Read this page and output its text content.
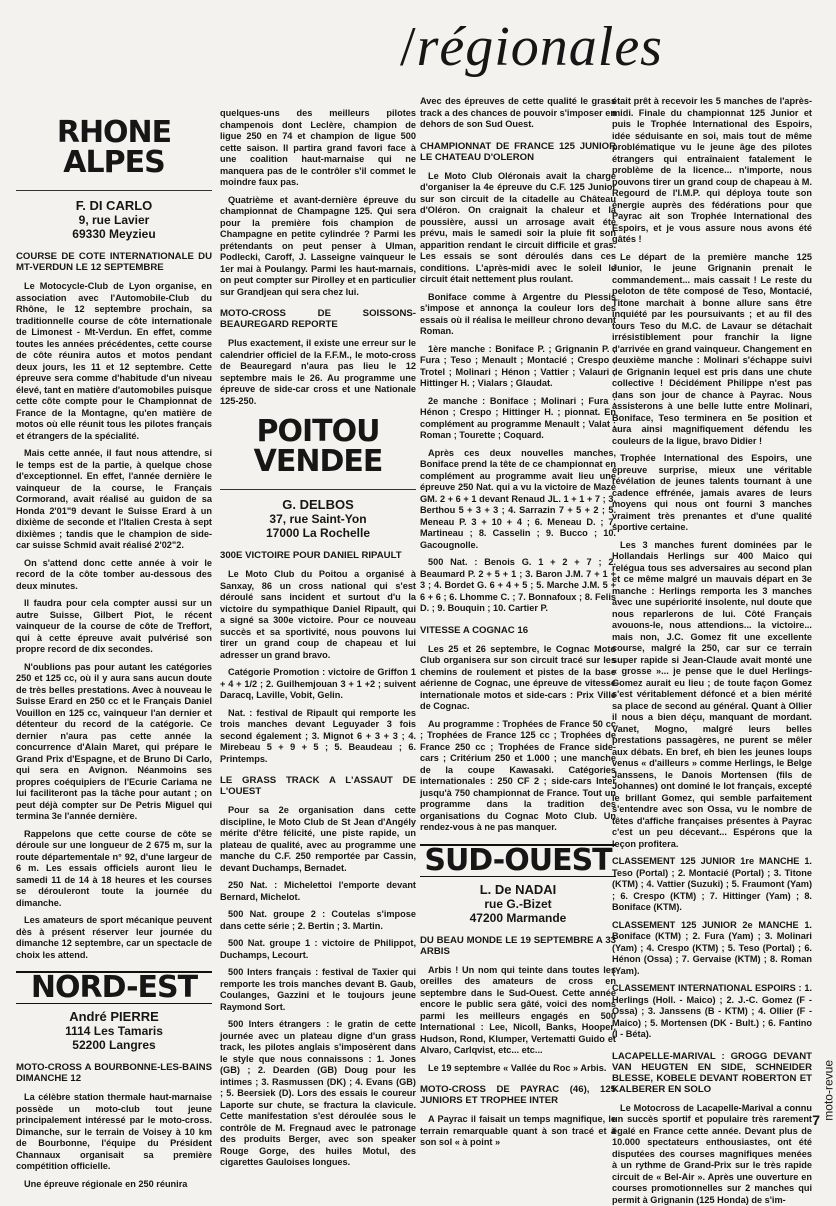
/régionales
RHONE ALPES
F. DI CARLO
9, rue Lavier
69330 Meyzieu
COURSE DE COTE INTERNATIONALE DU MT-VERDUN LE 12 SEPTEMBRE

Le Motocycle-Club de Lyon organise, en association avec l'Automobile-Club du Rhône, le 12 septembre prochain, sa traditionnelle course de côte internationale de Limonest - Mt-Verdun. En effet, comme toutes les années précédentes, cette course de côte réunira autos et motos pendant deux jours, les 11 et 12 septembre. Cette épreuve sera comme d'habitude d'un niveau élevé, tant en matière d'automobiles puisque cette côte compte pour le Championnat de France de la Montagne, qu'en matière de motos où elle réunit tous les pilotes français et étrangers de la spécialité.

Mais cette année, il faut nous attendre, si le temps est de la partie, à quelque chose d'exceptionnel. En effet, l'année dernière le vainqueur de la course, le Français Cormorand, avait réalisé au guidon de sa Honda 2'01"9 devant le Suisse Erard à un dixième de seconde et l'Italien Cresta à sept dixièmes ; tandis que le champion de side-car suisse Schmid avait réalisé 2'02"2.

On s'attend donc cette année à voir le record de la côte tomber au-dessous des deux minutes.

Il faudra pour cela compter aussi sur un autre Suisse, Gilbert Piot, le récent vainqueur de la course de côte de Treffort, qui à cette épreuve avait pulvérisé son propre record de dix secondes.

N'oublions pas pour autant les catégories 250 et 125 cc, où il y aura sans aucun doute de très belles prestations. Avec à nouveau le Suisse Erard en 250 cc et le Français Daniel Vouillon en 125 cc, vainqueur l'an dernier et détenteur du record de la catégorie. Ce dernier n'aura pas cette année la concurrence d'Alain Maret, qui prépare le Grand Prix d'Espagne, et de Bruno Di Carlo, qui sera en Avignon. Néanmoins ses propres coéquipiers de l'Ecurie Cariama ne lui faciliteront pas la tâche pour autant ; on peut déjà compter sur De Petris Miguel qui termina 3e l'année dernière.

Rappelons que cette course de côte se déroule sur une longueur de 2 675 m, sur la route départementale n° 92, d'une largeur de 6 m. Les essais officiels auront lieu le samedi 11 de 14 à 18 heures et les courses se dérouleront toute la journée du dimanche.

Les amateurs de sport mécanique peuvent dès à présent réserver leur journée du dimanche 12 septembre, car un spectacle de choix les attend.

NORD-EST
André PIERRE
1114 Les Tamaris
52200 Langres
MOTO-CROSS A BOURBONNE-LES-BAINS DIMANCHE 12

La célèbre station thermale haut-marnaise possède un moto-club tout jeune principalement intéressé par le moto-cross. Dimanche, sur le terrain de Voisey à 10 km de Bourbonne, l'équipe du Président Channaux organisait sa première compétition officielle.

Une épreuve régionale en 250 réunira

quelques-uns des meilleurs pilotes champenois dont Leclère, champion de ligue 250 en 74 et champion de ligue 500 cette saison. Il partira grand favori face à une coalition haut-marnaise qui ne manquera pas de le contrôler s'il commet le moindre faux pas.

Quatrième et avant-dernière épreuve du championnat de Champagne 125. Qui sera pour la première fois champion de Champagne en petite cylindrée ? Parmi les prétendants on peut penser à Ulman, Podlecki, Caroff, J. Lasseigne vainqueur le 1er mai à Poulangy. Parmi les haut-marnais, on peut compter sur Pirolley et en particulier sur Grandjean qui sera chez lui.

MOTO-CROSS DE SOISSONS-BEAUREGARD REPORTE

Plus exactement, il existe une erreur sur le calendrier officiel de la F.F.M., le moto-cross de Beauregard n'aura pas lieu le 12 septembre mais le 26. Au programme une épreuve de side-car cross et une Nationale 125-250.

POITOU VENDEE
G. DELBOS
37, rue Saint-Yon
17000 La Rochelle
300E VICTOIRE POUR DANIEL RIPAULT

Le Moto Club du Poitou a organisé à Sanxay, 86 un cross national qui s'est déroulé sans incident et surtout d'u la victoire du sympathique Daniel Ripault, qui a signé sa 300e victoire. Pour ce nouveau succès et sa sportivité, nous pouvons lui tirer un grand coup de chapeau et lui adresser un grand bravo.

Catégorie Promotion : victoire de Griffon 1 + 4 + 1/2 ; 2. Guilhemjouan 3 + 1 +2 ; suivent Daracq, Laville, Vobit, Gelin.

Nat. : festival de Ripault qui remporte les trois manches devant Leguyader 3 fois second également ; 3. Mignot 6 + 3 + 3 ; 4. Mirebeau 5 + 9 + 5 ; 5. Beaudeau ; 6. Printemps.

LE GRASS TRACK A L'ASSAUT DE L'OUEST

Pour sa 2e organisation dans cette discipline, le Moto Club de St Jean d'Angély mérite d'être félicité, une piste rapide, un plateau de qualité, avec au programme une manche du C.F. 250 remportée par Cassin, devant Duchamps, Bernadet.

250 Nat. : Michelettoi l'emporte devant Bernard, Michelot.

500 Nat. groupe 2 : Coutelas s'impose dans cette série ; 2. Bertin ; 3. Martin.

500 Nat. groupe 1 : victoire de Philippot, Duchamps, Lecourt.

500 Inters français : festival de Taxier qui remporte les trois manches devant B. Gaub, Coulanges, Gazzini et le toujours jeune Raymond Sort.

500 Inters étrangers : le gratin de cette journée avec un plateau digne d'un grass track, les pilotes anglais s'imposèrent dans le style que nous connaissons : 1. Jones (GB) ; 2. Dearden (GB) Doug pour les intimes ; 3. Rasmussen (DK) ; 4. Evans (GB) ; 5. Beersiek (D). Lors des essais le coureur Laporte sur chute, se fractura la clavicule. Cette manifestation s'est déroulée sous le contrôle de M. Fregnaud avec le patronage des produits Berger, avec son speaker Rouge Gorge, des huiles Motul, des cigarettes Gauloises longues.

Avec des épreuves de cette qualité le grass track a des chances de pouvoir s'imposer en dehors de son Sud Ouest.

CHAMPIONNAT DE FRANCE 125 JUNIOR LE CHATEAU D'OLERON

Le Moto Club Oléronais avait la charge d'organiser la 4e épreuve du C.F. 125 Junior sur son circuit de la citadelle au Château d'Oléron. On craignait la chaleur et la poussière, aussi un arrosage avait été prévu, mais le samedi soir la pluie fit son apparition rendant le circuit difficile et gras. Les essais se sont déroulés dans ces conditions. L'après-midi avec le soleil le circuit était nettement plus roulant.

Boniface comme à Argentre du Plessis s'impose et annonça la couleur lors des essais où il réalisa le meilleur chrono devant Roman.

1ère manche : Boniface P. ; Grignanin P. ; Fura ; Teso ; Menault ; Montacié ; Crespo ; Trotel ; Molinari ; Hénon ; Vattier ; Valauri ; Hittinger H. ; Vialars ; Glaudat.

2e manche : Boniface ; Molinari ; Fura ; Hénon ; Crespo ; Hittinger H. ; pionnat. En complément au programme Menault ; Valat ; Roman ; Tourette ; Coquard.

Après ces deux nouvelles manches, Boniface prend la tête de ce championnat en complément au programme avait lieu une épreuve 250 Nat. qui a vu la victoire de Mazé GM. 2 + 6 + 1 devant Renaud JL. 1 + 1 + 7 ; 3. Berthou 5 + 3 + 3 ; 4. Sarrazin 7 + 5 + 2 ; 5. Meneau P. 3 + 10 + 4 ; 6. Meneau D. ; 7. Martineau ; 8. Casselin ; 9. Bucco ; 10. Gacougnolle.

500 Nat. : Benois G. 1 + 2 + 7 ; 2. Beaumard P. 2 + 5 + 1 ; 3. Baron J.M. 7 + 1 + 3 ; 4. Bordet G. 6 + 4 + 5 ; 5. Marche J.M. 5 + 6 + 6 ; 6. Lhomme C. ; 7. Bonnafoux ; 8. Felis D. ; 9. Bouquin ; 10. Cartier P.

VITESSE A COGNAC 16

Les 25 et 26 septembre, le Cognac Moto Club organisera sur son circuit tracé sur les chemins de roulement et pistes de la base aérienne de Cognac, une épreuve de vitesse internationale motos et side-cars : Prix Ville de Cognac.

Au programme : Trophées de France 50 cc ; Trophées de France 125 cc ; Trophées de France 250 cc ; Trophées de France side-cars ; Critérium 250 et 1.000 ; une manche de la coupe Kawasaki. Catégories internationales : 250 CF 2 ; side-cars Inter jusqu'à 750 championnat de France. Tout un programme dans la tradition des organisations du Cognac Moto Club. Un rendez-vous à ne pas manquer.

SUD-OUEST
L. De NADAI
rue G.-Bizet
47200 Marmande
DU BEAU MONDE LE 19 SEPTEMBRE A 33 ARBIS

Arbis ! Un nom qui teinte dans toutes les oreilles des amateurs de cross en septembre dans le Sud-Ouest. Cette année encore le public sera gâté, voici des noms parmi les meilleurs engagés en 500 International : Lee, Nicoll, Banks, Hooper, Hudson, Rond, Klumper, Vertematti Guido et Alvaro, Carlqvist, etc... etc...

Le 19 septembre « Vallée du Roc » Arbis.

MOTO-CROSS DE PAYRAC (46), 125 JUNIORS ET TROPHEE INTER

A Payrac il faisait un temps magnifique, le terrain remarquable quant à son tracé et à son sol « à point »

était prêt à recevoir les 5 manches de l'après-midi. Finale du championnat 125 Junior et puis le Trophée International des Espoirs, idée séduisante en soi, mais tout de même problématique vu le jeune âge des pilotes étrangers qui entraînaient fatalement le problème de la licence... n'importe, nous pouvons tirer un grand coup de chapeau à M. Regourd de l'I.M.P. qui déploya toute son énergie auprès des fédérations pour que Payrac ait son Trophée International des Espoirs, et je vous assure nous avons été gâtés !

Le départ de la première manche 125 Junior, le jeune Grignanin prenait le commandement... mais cassait ! Le reste du peloton de tête composé de Teso, Montacié, Titone marchait à bonne allure sans être inquiété par les poursuivants ; et au fil des tours Teso du M.C. de Lavaur se détachait irrésistiblement pour franchir la ligne d'arrivée en grand vainqueur. Changement en deuxième manche : Molinari s'échappe suivi de Grignanin lequel est pris dans une chute collective ! Décidément Philippe n'est pas dans son jour de chance à Payrac. Nous assisterons à une belle lutte entre Molinari, Boniface, Teso terminera en 5e position et aura ainsi magnifiquement défendu les couleurs de la ligue, bravo Didier !

Trophée International des Espoirs, une épreuve surprise, mieux une véritable révélation de jeunes talents tournant à une cadence effrénée, jamais avares de leurs moyens qui nous ont fourni 3 manches vraiment très prenantes et d'une qualité sportive certaine.

Les 3 manches furent dominées par le Hollandais Herlings sur 400 Maico qui relégua tous ses adversaires au second plan et ce même malgré un mauvais départ en 3e manche : Herlings remporta les 3 manches avec une supériorité insolente, nul doute que nous reparlerons de lui. Côté Français avouons-le, nous attendions... la victoire... mais non, J.C. Gomez fit une excellente course, malgré la 250, car sur ce terrain super rapide si Jean-Claude avait monté une « grosse »... je pense que le duel Herlings-Gomez aurait eu lieu ; de toute façon Gomez s'est véritablement défoncé et a bien mérité sa place de second au général. Quant à Ollier il nous a bien déçu, manquant de mordant. Vanet, Mogno, malgré leurs belles prestations passagères, ne purent se mêler aux débats. En bref, eh bien les jeunes loups venus « d'ailleurs » comme Herlings, le Belge Janssens, le Danois Mortensen (fils de Johannes) ont dominé le lot français, excepté le brillant Gomez, qui semble parfaitement s'entendre avec son Ossa, vu le nombre de têtes d'affiche françaises présentes à Payrac c'est un peu décevant... Espérons que la leçon profitera.

CLASSEMENT 125 JUNIOR 1re MANCHE 1. Teso (Portal) ; 2. Montacié (Portal) ; 3. Titone (KTM) ; 4. Vattier (Suzuki) ; 5. Fraumont (Yam) ; 6. Crespo (KTM) ; 7. Hittinger (Yam) ; 8. Boniface (KTM).

CLASSEMENT 125 JUNIOR 2e MANCHE 1. Boniface (KTM) ; 2. Fura (Yam) ; 3. Molinari (Yam) ; 4. Crespo (KTM) ; 5. Teso (Portal) ; 6. Hénon (Ossa) ; 7. Gervaise (KTM) ; 8. Roman (Yam).

CLASSEMENT INTERNATIONAL ESPOIRS : 1. Herlings (Holl. - Maico) ; 2. J.-C. Gomez (F - Ossa) ; 3. Janssens (B - KTM) ; 4. Ollier (F - Maico) ; 5. Mortensen (DK - Bult.) ; 6. Fantino (I - Béta).

LACAPELLE-MARIVAL : GROGG DEVANT VAN HEUGTEN EN SIDE, SCHNEIDER BLESSE, KOBELE DEVANT ROBERTON ET KALBERER EN SOLO

Le Motocross de Lacapelle-Marival a connu un succès sportif et populaire très rarement égalé en France cette année. Devant plus de 10.000 spectateurs enthousiastes, ont été disputées des courses magnifiques menées à un rythme de Grand-Prix sur le très rapide circuit de « Bel-Air ». Après une ouverture en courses promotionnelles sur 2 manches qui permit à Grignanin (125 Honda) de s'im-

moto-revue
7
